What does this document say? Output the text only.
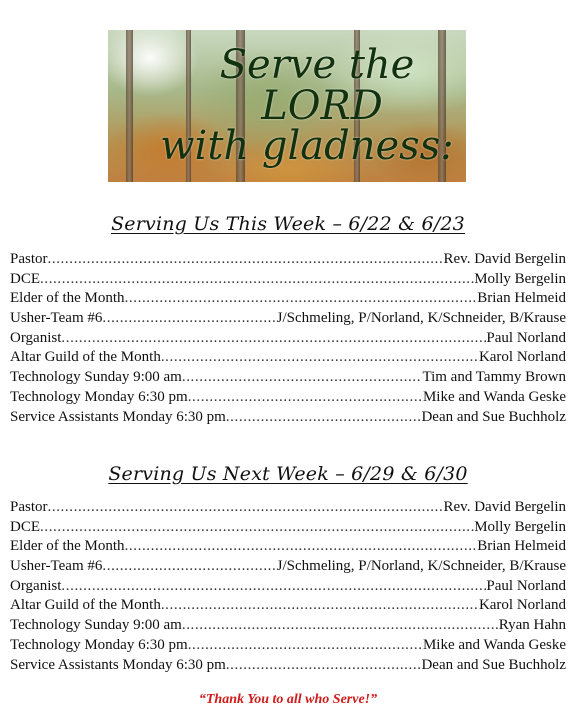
Serve the
LORD
with gladness:
Serving Us This Week – 6/22 & 6/23
Pastor .....	Rev. David Bergelin
DCE .....	Molly Bergelin
Elder of the Month .....	Brian Helmeid
Usher-Team #6 .....	J/Schmeling, P/Norland, K/Schneider, B/Krause
Organist .....	Paul Norland
Altar Guild of the Month .....	Karol Norland
Technology Sunday 9:00 am .....	Tim and Tammy Brown
Technology Monday 6:30 pm .....	Mike and Wanda Geske
Service Assistants Monday 6:30 pm .....	Dean and Sue Buchholz
Serving Us Next Week – 6/29 & 6/30
Pastor .....	Rev. David Bergelin
DCE .....	Molly Bergelin
Elder of the Month .....	Brian Helmeid
Usher-Team #6 .....	J/Schmeling, P/Norland, K/Schneider, B/Krause
Organist .....	Paul Norland
Altar Guild of the Month .....	Karol Norland
Technology Sunday 9:00 am .....	Ryan Hahn
Technology Monday 6:30 pm .....	Mike and Wanda Geske
Service Assistants Monday 6:30 pm .....	Dean and Sue Buchholz
“Thank You to all who Serve!”
